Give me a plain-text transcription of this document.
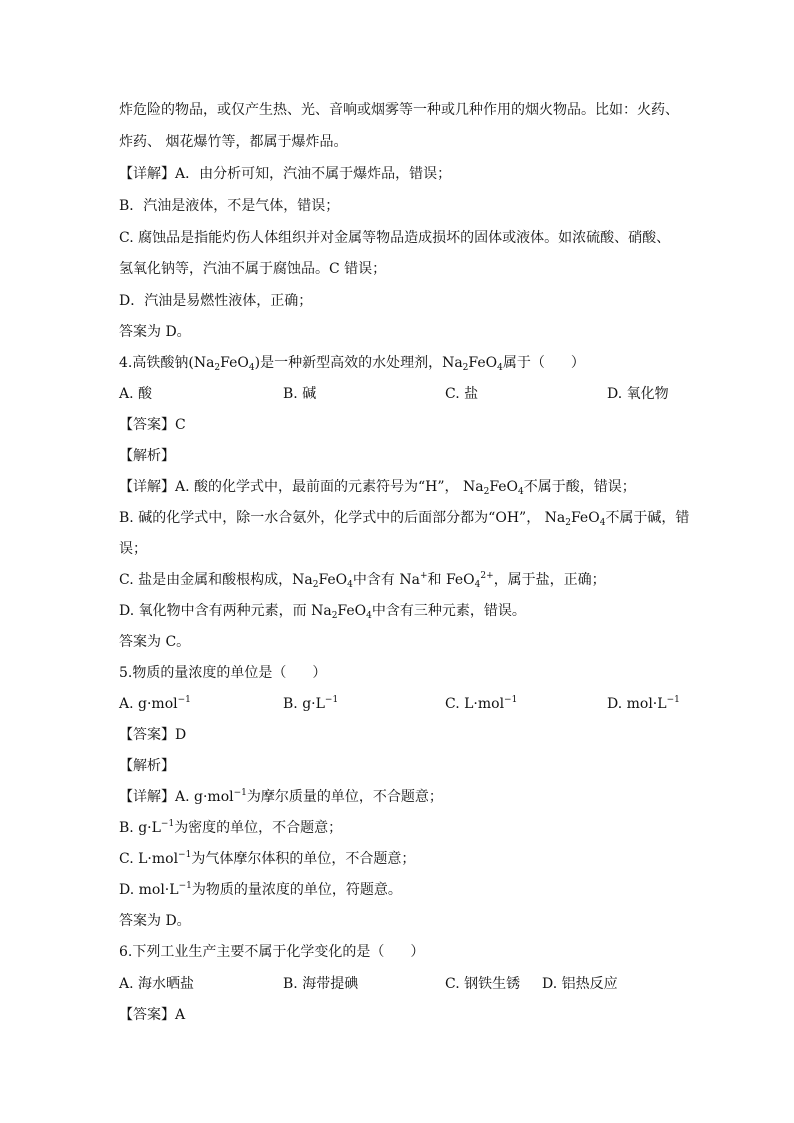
炸危险的物品，或仅产生热、光、音响或烟雾等一种或几种作用的烟火物品。比如：火药、
炸药、 烟花爆竹等，都属于爆炸品。
【详解】A．由分析可知，汽油不属于爆炸品，错误；
B．汽油是液体，不是气体，错误；
C. 腐蚀品是指能灼伤人体组织并对金属等物品造成损坏的固体或液体。如浓硫酸、硝酸、
氢氧化钠等，汽油不属于腐蚀品。C 错误；
D．汽油是易燃性液体，正确；
答案为 D。
4.高铁酸钠$(Na_2FeO_4)$是一种新型高效的水处理剂，$Na_2FeO_4$属于（ ）
A. 酸	B. 碱	C. 盐	D. 氧化物
【答案】C
【解析】
【详解】A. 酸的化学式中，最前面的元素符号为“H”， $Na_2FeO_4$不属于酸，错误；
B. 碱的化学式中，除一水合氨外，化学式中的后面部分都为“OH”， $Na_2FeO_4$不属于碱，错
误；
C. 盐是由金属和酸根构成，$Na_2FeO_4$中含有 Na+和 FeO$_4^{2+}$，属于盐，正确；
D. 氧化物中含有两种元素，而 $Na_2FeO_4$中含有三种元素，错误。
答案为 C。
5.物质的量浓度的单位是（ ）
A. g·mol$^{-1}$	B. $g\cdot L^{-1}$	C. L·mol$^{-1}$	D. $mol\cdot L^{-1}$
【答案】D
【解析】
【详解】A. g·mol$^{-1}$为摩尔质量的单位，不合题意；
B. $g\cdot L^{-1}$为密度的单位，不合题意；
C. L·mol$^{-1}$为气体摩尔体积的单位，不合题意；
D. $mol\cdot L^{-1}$为物质的量浓度的单位，符题意。
答案为 D。
6.下列工业生产主要不属于化学变化的是（ ）
A. 海水晒盐	B. 海带提碘	C. 钢铁生锈 D. 铝热反应
【答案】A
